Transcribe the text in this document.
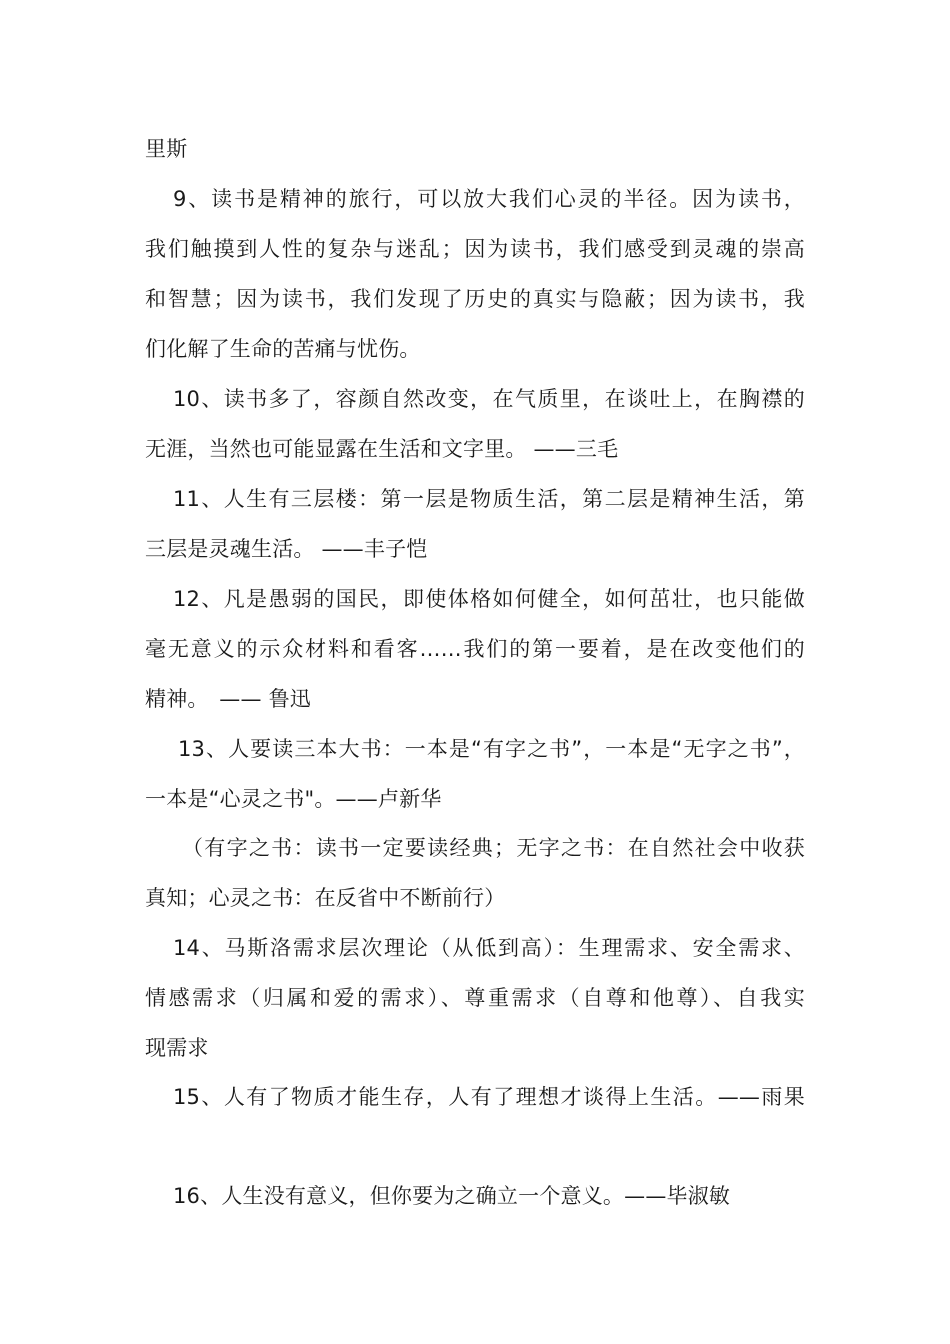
里斯
9、读书是精神的旅行，可以放大我们心灵的半径。因为读书，
我们触摸到人性的复杂与迷乱；因为读书，我们感受到灵魂的崇高
和智慧；因为读书，我们发现了历史的真实与隐蔽；因为读书，我
们化解了生命的苦痛与忧伤。
10、读书多了，容颜自然改变，在气质里，在谈吐上，在胸襟的
无涯，当然也可能显露在生活和文字里。 ——三毛
11、人生有三层楼：第一层是物质生活，第二层是精神生活，第
三层是灵魂生活。 ——丰子恺
12、凡是愚弱的国民，即使体格如何健全，如何茁壮，也只能做
毫无意义的示众材料和看客……我们的第一要着，是在改变他们的
精神。　—— 鲁迅
13、人要读三本大书：一本是“有字之书”，一本是“无字之书”，
一本是“心灵之书"。——卢新华
（有字之书：读书一定要读经典；无字之书：在自然社会中收获
真知；心灵之书：在反省中不断前行）
14、马斯洛需求层次理论（从低到高）：生理需求、安全需求、
情感需求（归属和爱的需求）、尊重需求（自尊和他尊）、自我实
现需求
15、人有了物质才能生存，人有了理想才谈得上生活。——雨果
16、人生没有意义，但你要为之确立一个意义。——毕淑敏
